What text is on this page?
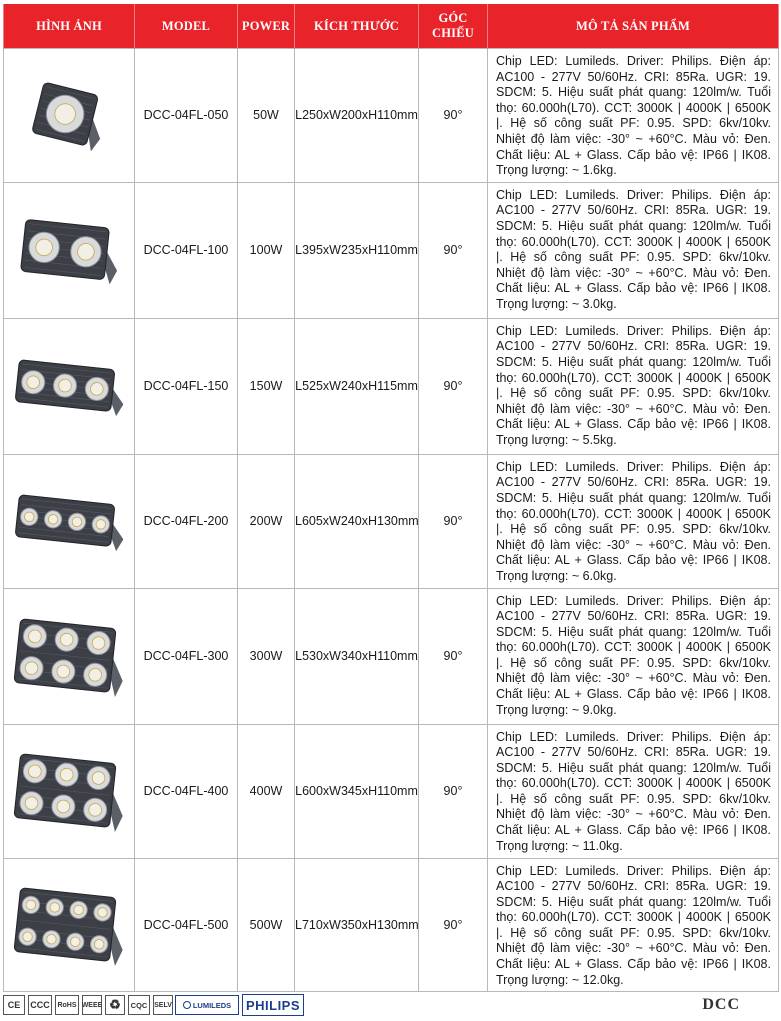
HÌNH ẢNH	MODEL	POWER	KÍCH THƯỚC	GÓC CHIẾU	MÔ TẢ SẢN PHẨM

	DCC-04FL-050	50W	L250xW200xH110mm	90°	Chip LED: Lumileds. Driver: Philips. Điện áp: AC100 - 277V 50/60Hz. CRI: 85Ra. UGR: 19. SDCM: 5. Hiệu suất phát quang: 120lm/w. Tuổi thọ: 60.000h(L70). CCT: 3000K | 4000K | 6500K |. Hệ số công suất PF: 0.95. SPD: 6kv/10kv. Nhiệt độ làm việc: -30° ~ +60°C. Màu vỏ: Đen. Chất liệu: AL + Glass. Cấp bảo vệ: IP66 | IK08. Trọng lượng: ~ 1.6kg.

	DCC-04FL-100	100W	L395xW235xH110mm	90°	Chip LED: Lumileds. Driver: Philips. Điện áp: AC100 - 277V 50/60Hz. CRI: 85Ra. UGR: 19. SDCM: 5. Hiệu suất phát quang: 120lm/w. Tuổi thọ: 60.000h(L70). CCT: 3000K | 4000K | 6500K |. Hệ số công suất PF: 0.95. SPD: 6kv/10kv. Nhiệt độ làm việc: -30° ~ +60°C. Màu vỏ: Đen. Chất liệu: AL + Glass. Cấp bảo vệ: IP66 | IK08. Trọng lượng: ~ 3.0kg.

	DCC-04FL-150	150W	L525xW240xH115mm	90°	Chip LED: Lumileds. Driver: Philips. Điện áp: AC100 - 277V 50/60Hz. CRI: 85Ra. UGR: 19. SDCM: 5. Hiệu suất phát quang: 120lm/w. Tuổi thọ: 60.000h(L70). CCT: 3000K | 4000K | 6500K |. Hệ số công suất PF: 0.95. SPD: 6kv/10kv. Nhiệt độ làm việc: -30° ~ +60°C. Màu vỏ: Đen. Chất liệu: AL + Glass. Cấp bảo vệ: IP66 | IK08. Trọng lượng: ~ 5.5kg.

	DCC-04FL-200	200W	L605xW240xH130mm	90°	Chip LED: Lumileds. Driver: Philips. Điện áp: AC100 - 277V 50/60Hz. CRI: 85Ra. UGR: 19. SDCM: 5. Hiệu suất phát quang: 120lm/w. Tuổi thọ: 60.000h(L70). CCT: 3000K | 4000K | 6500K |. Hệ số công suất PF: 0.95. SPD: 6kv/10kv. Nhiệt độ làm việc: -30° ~ +60°C. Màu vỏ: Đen. Chất liệu: AL + Glass. Cấp bảo vệ: IP66 | IK08. Trọng lượng: ~ 6.0kg.

	DCC-04FL-300	300W	L530xW340xH110mm	90°	Chip LED: Lumileds. Driver: Philips. Điện áp: AC100 - 277V 50/60Hz. CRI: 85Ra. UGR: 19. SDCM: 5. Hiệu suất phát quang: 120lm/w. Tuổi thọ: 60.000h(L70). CCT: 3000K | 4000K | 6500K |. Hệ số công suất PF: 0.95. SPD: 6kv/10kv. Nhiệt độ làm việc: -30° ~ +60°C. Màu vỏ: Đen. Chất liệu: AL + Glass. Cấp bảo vệ: IP66 | IK08. Trọng lượng: ~ 9.0kg.

	DCC-04FL-400	400W	L600xW345xH110mm	90°	Chip LED: Lumileds. Driver: Philips. Điện áp: AC100 - 277V 50/60Hz. CRI: 85Ra. UGR: 19. SDCM: 5. Hiệu suất phát quang: 120lm/w. Tuổi thọ: 60.000h(L70). CCT: 3000K | 4000K | 6500K |. Hệ số công suất PF: 0.95. SPD: 6kv/10kv. Nhiệt độ làm việc: -30° ~ +60°C. Màu vỏ: Đen. Chất liệu: AL + Glass. Cấp bảo vệ: IP66 | IK08. Trọng lượng: ~ 11.0kg.

	DCC-04FL-500	500W	L710xW350xH130mm	90°	Chip LED: Lumileds. Driver: Philips. Điện áp: AC100 - 277V 50/60Hz. CRI: 85Ra. UGR: 19. SDCM: 5. Hiệu suất phát quang: 120lm/w. Tuổi thọ: 60.000h(L70). CCT: 3000K | 4000K | 6500K |. Hệ số công suất PF: 0.95. SPD: 6kv/10kv. Nhiệt độ làm việc: -30° ~ +60°C. Màu vỏ: Đen. Chất liệu: AL + Glass. Cấp bảo vệ: IP66 | IK08. Trọng lượng: ~ 12.0kg.
CE CCC RoHS WEEE ♻ CQC SELV	LUMILEDS PHILIPS	DCC
